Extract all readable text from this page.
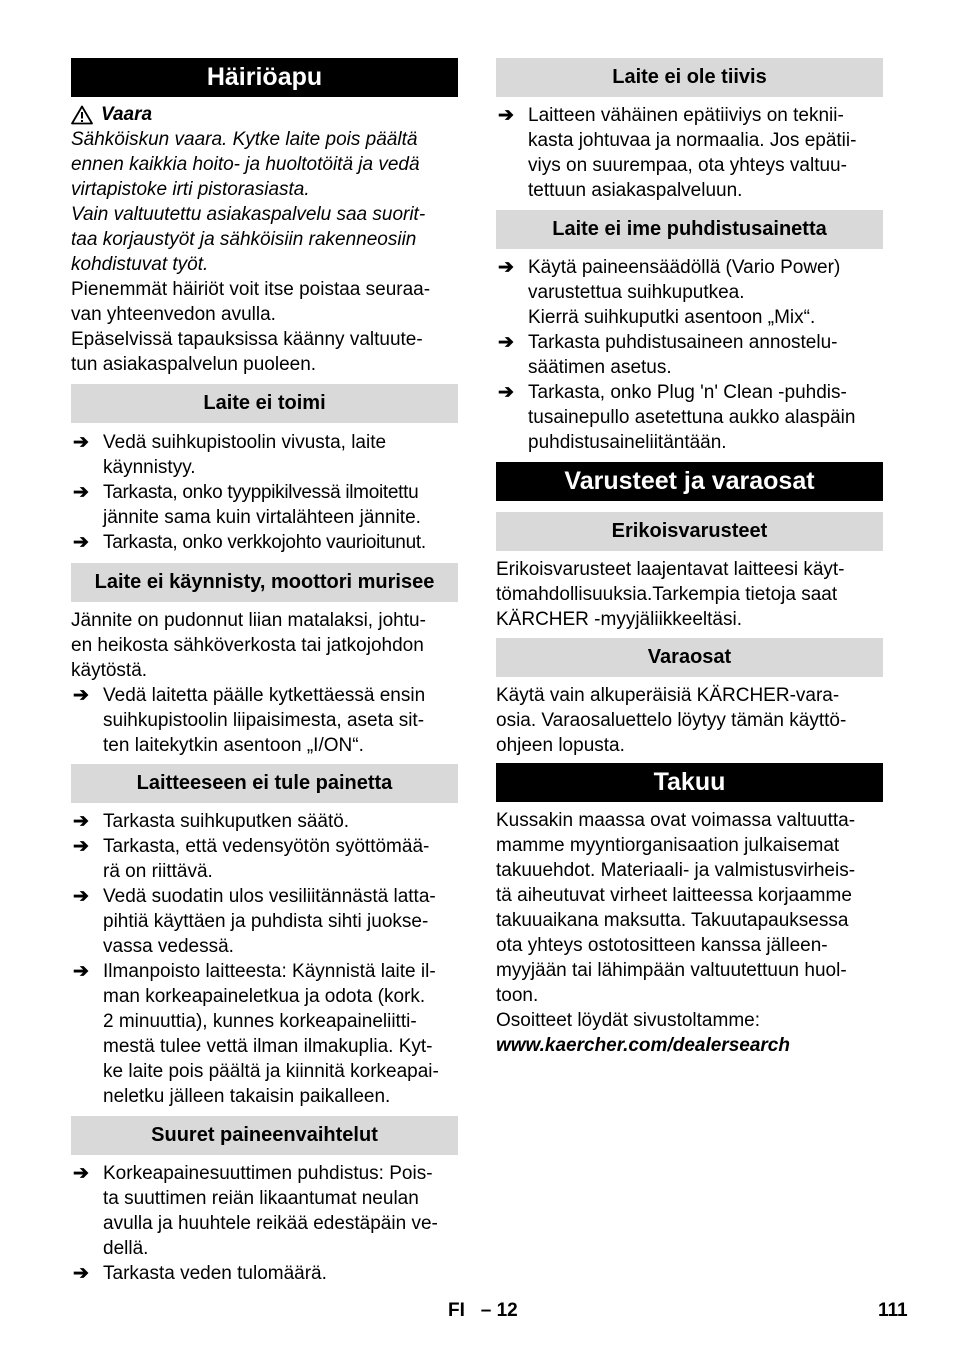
Häiriöapu
Vaara

Sähköiskun vaara. Kytke laite pois päältä

ennen kaikkia hoito- ja huoltotöitä ja vedä

virtapistoke irti pistorasiasta.

Vain valtuutettu asiakaspalvelu saa suorit-

taa korjaustyöt ja sähköisiin rakenneosiin

kohdistuvat työt.

Pienemmät häiriöt voit itse poistaa seuraa-

van yhteenvedon avulla.

Epäselvissä tapauksissa käänny valtuute-

tun asiakaspalvelun puoleen.

Laite ei toimi
➔ Vedä suihkupistoolin vivusta, laite

käynnistyy.

➔ Tarkasta, onko tyyppikilvessä ilmoitettu

jännite sama kuin virtalähteen jännite.

➔ Tarkasta, onko verkkojohto vaurioitunut.

Laite ei käynnisty, moottori murisee

Jännite on pudonnut liian matalaksi, johtu-

en heikosta sähköverkosta tai jatkojohdon

käytöstä.

➔ Vedä laitetta päälle kytkettäessä ensin

suihkupistoolin liipaisimesta, aseta sit-

ten laitekytkin asentoon „I/ON“.

Laitteeseen ei tule painetta
➔ Tarkasta suihkuputken säätö.

➔ Tarkasta, että vedensyötön syöttömää-

rä on riittävä.

➔ Vedä suodatin ulos vesiliitännästä latta-

pihtiä käyttäen ja puhdista sihti juokse-

vassa vedessä.

➔ Ilmanpoisto laitteesta: Käynnistä laite il-

man korkeapaineletkua ja odota (kork.

2 minuuttia), kunnes korkeapaineliitti-

mestä tulee vettä ilman ilmakuplia. Kyt-

ke laite pois päältä ja kiinnitä korkeapai-

neletku jälleen takaisin paikalleen.

Suuret paineenvaihtelut
➔ Korkeapainesuuttimen puhdistus: Pois-

ta suuttimen reiän likaantumat neulan

avulla ja huuhtele reikää edestäpäin ve-

dellä.

➔ Tarkasta veden tulomäärä.

Laite ei ole tiivis
➔ Laitteen vähäinen epätiiviys on teknii-

kasta johtuvaa ja normaalia. Jos epätii-

viys on suurempaa, ota yhteys valtuu-

tettuun asiakaspalveluun.

Laite ei ime puhdistusainetta
➔ Käytä paineensäädöllä (Vario Power)

varustettua suihkuputkea.

Kierrä suihkuputki asentoon „Mix“.

➔ Tarkasta puhdistusaineen annostelu-

säätimen asetus.

➔ Tarkasta, onko Plug 'n' Clean -puhdis-

tusainepullo asetettuna aukko alaspäin

puhdistusaineliitäntään.

Varusteet ja varaosat
Erikoisvarusteet

Erikoisvarusteet laajentavat laitteesi käyt-

tömahdollisuuksia.Tarkempia tietoja saat

KÄRCHER -myyjäliikkeeltäsi.

Varaosat

Käytä vain alkuperäisiä KÄRCHER-vara-

osia. Varaosaluettelo löytyy tämän käyttö-

ohjeen lopusta.

Takuu

Kussakin maassa ovat voimassa valtuutta-

mamme myyntiorganisaation julkaisemat

takuuehdot. Materiaali- ja valmistusvirheis-

tä aiheutuvat virheet laitteessa korjaamme

takuuaikana maksutta. Takuutapauksessa

ota yhteys ostotositteen kanssa jälleen-

myyjään tai lähimpään valtuutettuun huol-

toon.

Osoitteet löydät sivustoltamme:

www.kaercher.com/dealersearch

FI   – 12	111
